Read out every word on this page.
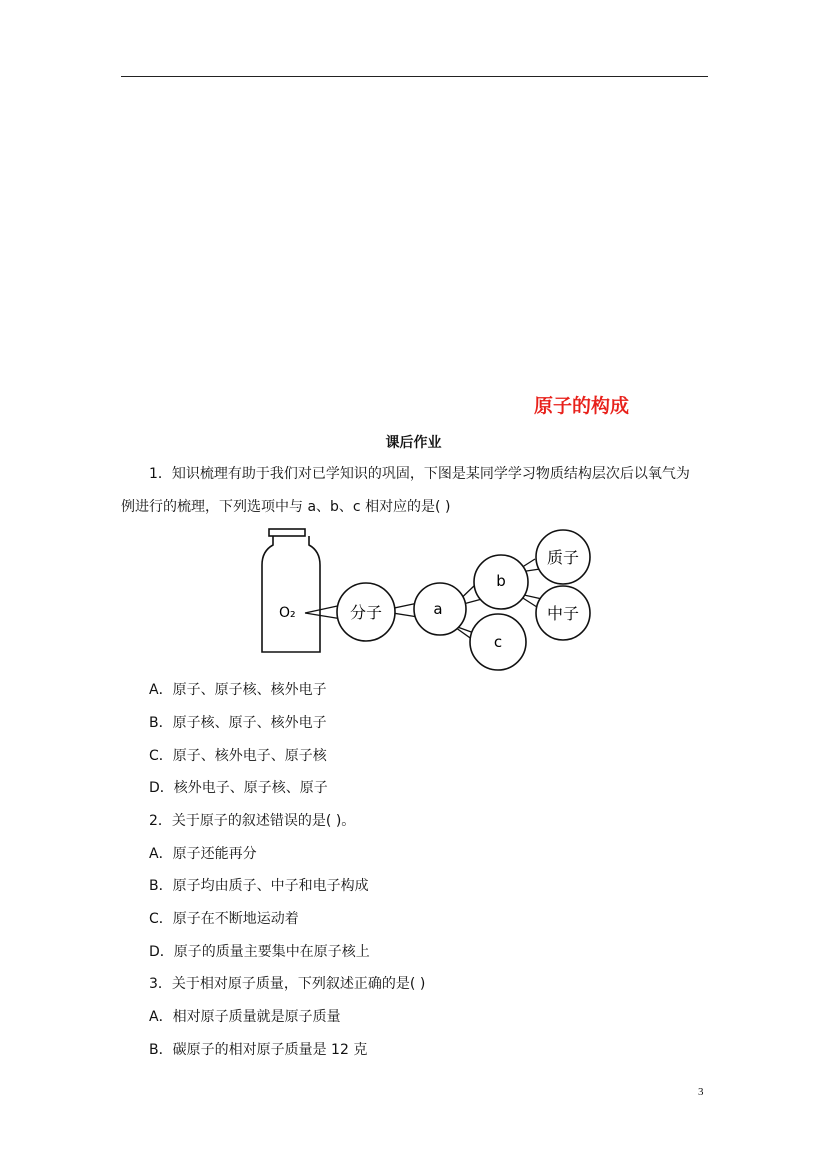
原子的构成
课后作业
1．知识梳理有助于我们对已学知识的巩固，下图是某同学学习物质结构层次后以氧气为
例进行的梳理，下列选项中与 a、b、c 相对应的是( )
O₂	分子	a
b
c
质子
中子
A．原子、原子核、核外电子
B．原子核、原子、核外电子
C．原子、核外电子、原子核
D．核外电子、原子核、原子
2．关于原子的叙述错误的是( )。
A．原子还能再分
B．原子均由质子、中子和电子构成
C．原子在不断地运动着
D．原子的质量主要集中在原子核上
3．关于相对原子质量，下列叙述正确的是( )
A．相对原子质量就是原子质量
B．碳原子的相对原子质量是 12 克
3
